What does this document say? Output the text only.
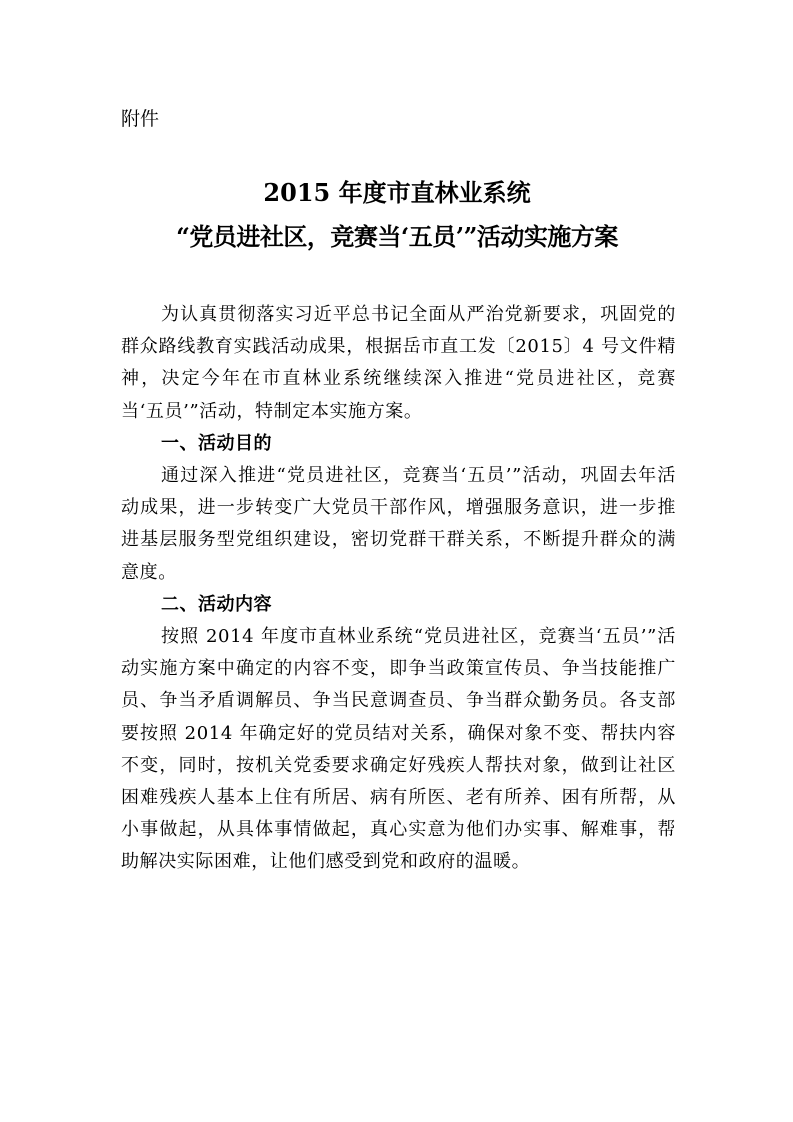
附件
2015 年度市直林业系统
“党员进社区，竞赛当‘五员’”活动实施方案

为认真贯彻落实习近平总书记全面从严治党新要求，巩固党的群众路线教育实践活动成果，根据岳市直工发〔2015〕4 号文件精神，决定今年在市直林业系统继续深入推进“党员进社区，竞赛当‘五员’”活动，特制定本实施方案。

一、活动目的

通过深入推进“党员进社区，竞赛当‘五员’”活动，巩固去年活动成果，进一步转变广大党员干部作风，增强服务意识，进一步推进基层服务型党组织建设，密切党群干群关系，不断提升群众的满意度。

二、活动内容

按照 2014 年度市直林业系统“党员进社区，竞赛当‘五员’”活动实施方案中确定的内容不变，即争当政策宣传员、争当技能推广员、争当矛盾调解员、争当民意调查员、争当群众勤务员。各支部要按照 2014 年确定好的党员结对关系，确保对象不变、帮扶内容不变，同时，按机关党委要求确定好残疾人帮扶对象，做到让社区困难残疾人基本上住有所居、病有所医、老有所养、困有所帮，从小事做起，从具体事情做起，真心实意为他们办实事、解难事，帮助解决实际困难，让他们感受到党和政府的温暖。
